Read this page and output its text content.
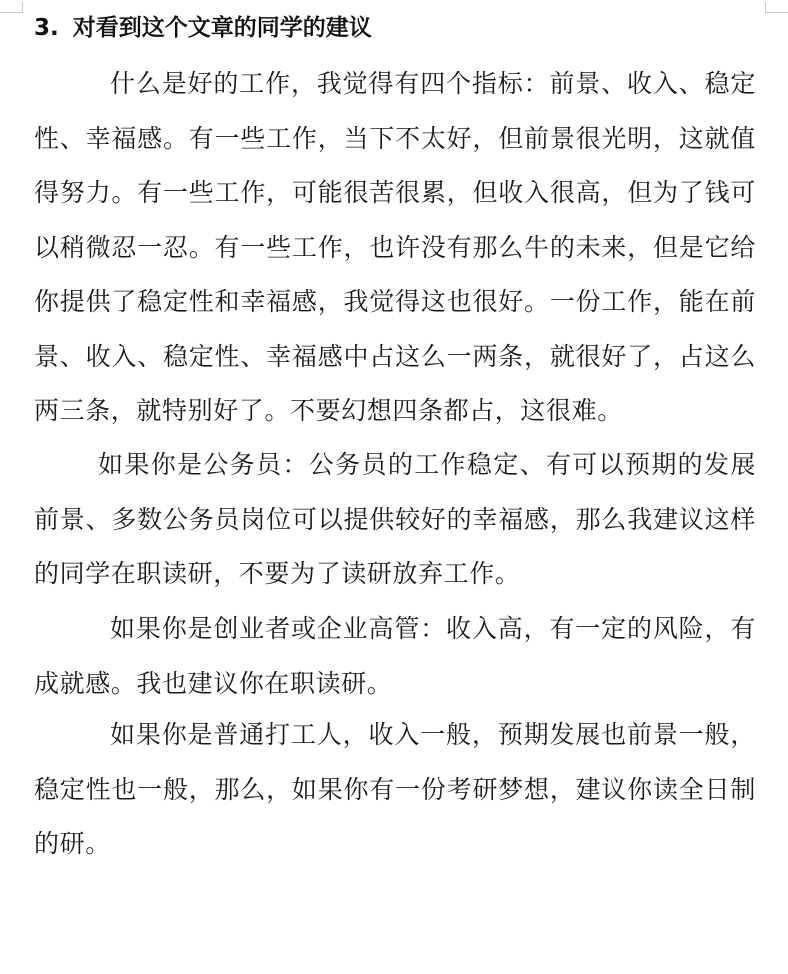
3. 对看到这个文章的同学的建议

什么是好的工作，我觉得有四个指标：前景、收入、稳定性、幸福感。有一些工作，当下不太好，但前景很光明，这就值得努力。有一些工作，可能很苦很累，但收入很高，但为了钱可以稍微忍一忍。有一些工作，也许没有那么牛的未来，但是它给你提供了稳定性和幸福感，我觉得这也很好。一份工作，能在前景、收入、稳定性、幸福感中占这么一两条，就很好了，占这么两三条，就特别好了。不要幻想四条都占，这很难。

如果你是公务员：公务员的工作稳定、有可以预期的发展前景、多数公务员岗位可以提供较好的幸福感，那么我建议这样的同学在职读研，不要为了读研放弃工作。

如果你是创业者或企业高管：收入高，有一定的风险，有成就感。我也建议你在职读研。

如果你是普通打工人，收入一般，预期发展也前景一般，稳定性也一般，那么，如果你有一份考研梦想，建议你读全日制的研。
